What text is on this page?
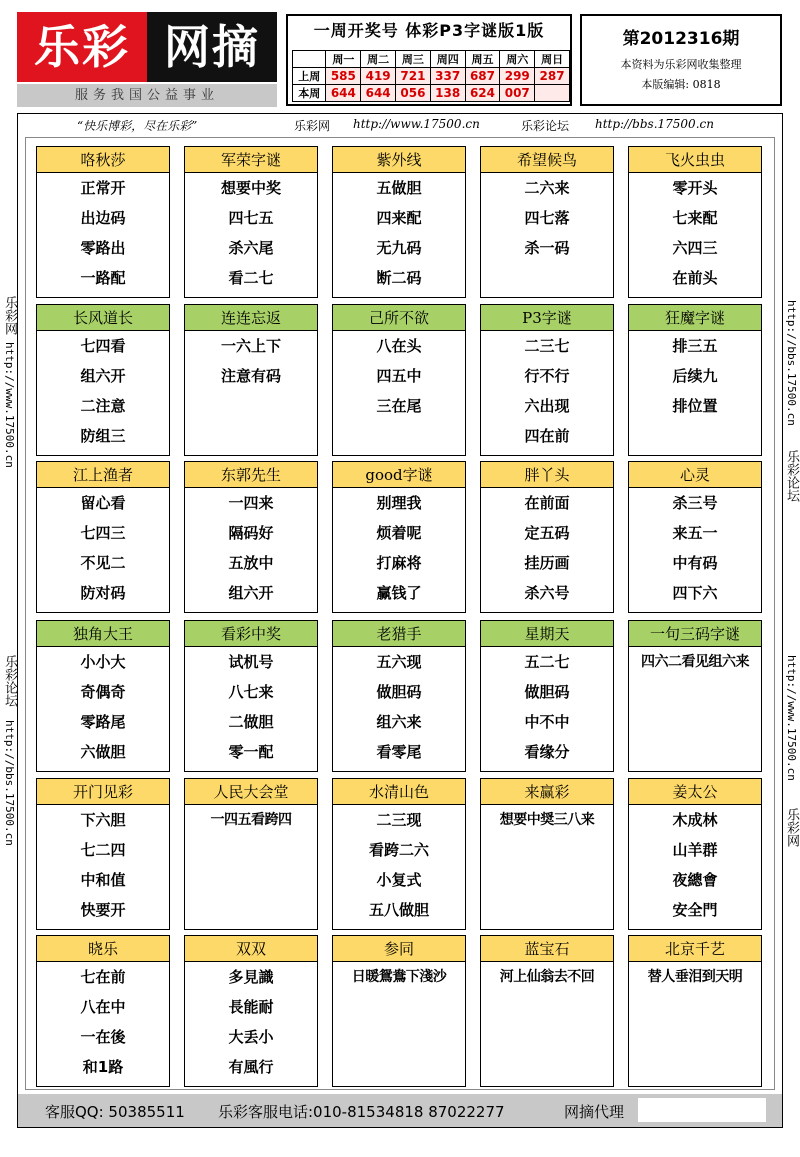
乐彩 网摘
服务我国公益事业
一周开奖号 体彩P3字谜版1版
	周一	周二	周三	周四	周五	周六	周日
上周	585	419	721	337	687	299	287
本周	644	644	056	138	624	007	
第2012316期
本资料为乐彩网收集整理
本版编辑: 0818
乐彩网
http://www.17500.cn
乐彩论坛
http://bbs.17500.cn
http://bbs.17500.cn
乐彩论坛
http://www.17500.cn
乐彩网
“快乐博彩，尽在乐彩”	乐彩网 http://www.17500.cn	乐彩论坛 http://bbs.17500.cn
咯秋莎
正常开
出边码
零路出
一路配
军荣字谜
想要中奖
四七五
杀六尾
看二七
紫外线
五做胆
四来配
无九码
断二码
希望候鸟
二六来
四七落
杀一码
飞火虫虫
零开头
七来配
六四三
在前头
长风道长
七四看
组六开
二注意
防组三
连连忘返
一六上下
注意有码
己所不欲
八在头
四五中
三在尾
P3字谜
二三七
行不行
六出现
四在前
狂魔字谜
排三五
后续九
排位置
江上渔者
留心看
七四三
不见二
防对码
东郭先生
一四来
隔码好
五放中
组六开
good字谜
别理我
烦着呢
打麻将
赢钱了
胖丫头
在前面
定五码
挂历画
杀六号
心灵
杀三号
来五一
中有码
四下六
独角大王
小小大
奇偶奇
零路尾
六做胆
看彩中奖
试机号
八七来
二做胆
零一配
老猎手
五六现
做胆码
组六来
看零尾
星期天
五二七
做胆码
中不中
看缘分
一句三码字谜
四六二看见组六来
开门见彩
下六胆
七二四
中和值
快要开
人民大会堂
一四五看跨四
水清山色
二三现
看跨二六
小复式
五八做胆
来赢彩
想要中奨三八来
姜太公
木成林
山羊群
夜總會
安全門
晓乐
七在前
八在中
一在後
和1路
双双
多見識
長能耐
大丢小
有風行
参同
日暖鴛鴦下淺沙
蓝宝石
河上仙翁去不回
北京千艺
替人垂泪到天明
客服QQ: 50385511 乐彩客服电话:010-81534818 87022277	网摘代理
